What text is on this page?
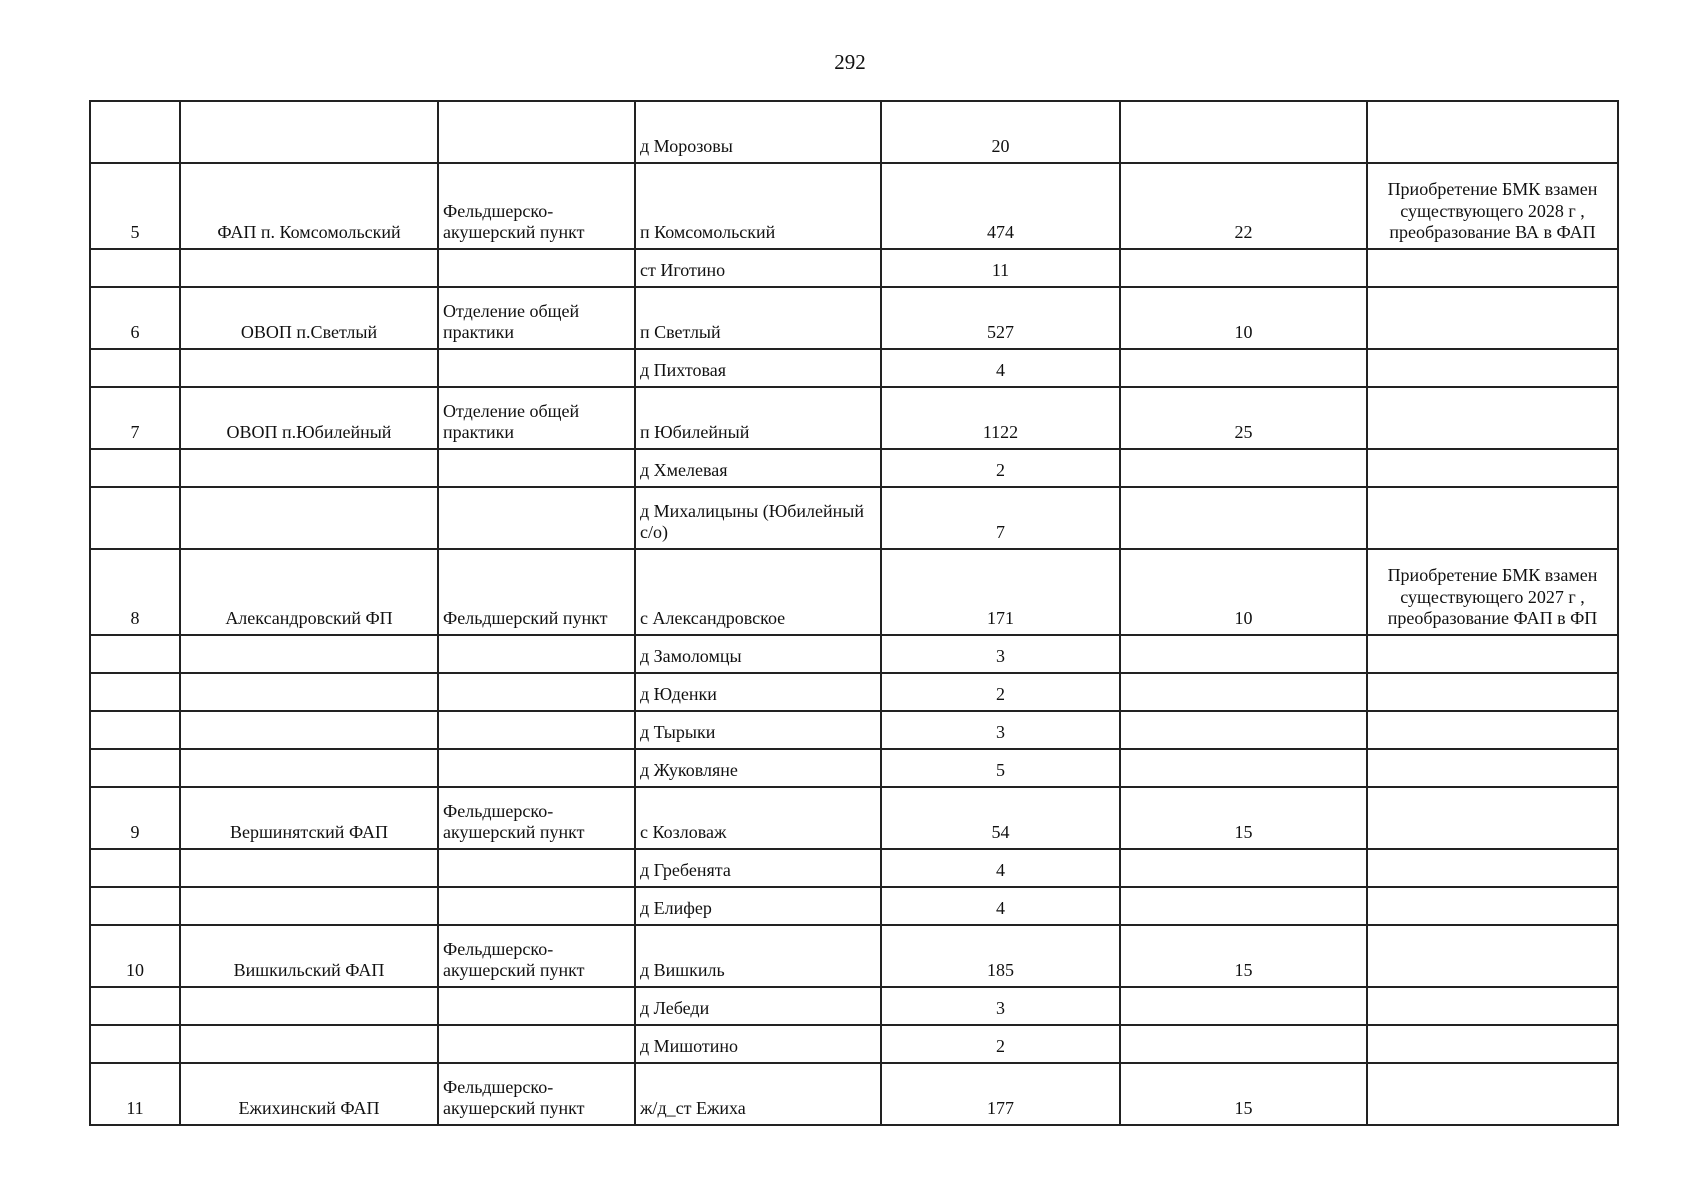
292
			д Морозовы	20		
5	ФАП п. Комсомольский	Фельдшерско-акушерский пункт	п Комсомольский	474	22	Приобретение БМК взамен существующего 2028 г , преобразование ВА в ФАП
			ст Иготино	11		
6	ОВОП п.Светлый	Отделение общей практики	п Светлый	527	10	
			д Пихтовая	4		
7	ОВОП п.Юбилейный	Отделение общей практики	п Юбилейный	1122	25	
			д Хмелевая	2		
			д Михалицыны (Юбилейный с/о)	7		
8	Александровский ФП	Фельдшерский пункт	с Александровское	171	10	Приобретение БМК взамен существующего 2027 г , преобразование ФАП в ФП
			д Замоломцы	3		
			д Юденки	2		
			д Тырыки	3		
			д Жуковляне	5		
9	Вершинятский ФАП	Фельдшерско-акушерский пункт	с Козловаж	54	15	
			д Гребенята	4		
			д Елифер	4		
10	Вишкильский ФАП	Фельдшерско-акушерский пункт	д Вишкиль	185	15	
			д Лебеди	3		
			д Мишотино	2		
11	Ежихинский ФАП	Фельдшерско-акушерский пункт	ж/д_ст Ежиха	177	15	
